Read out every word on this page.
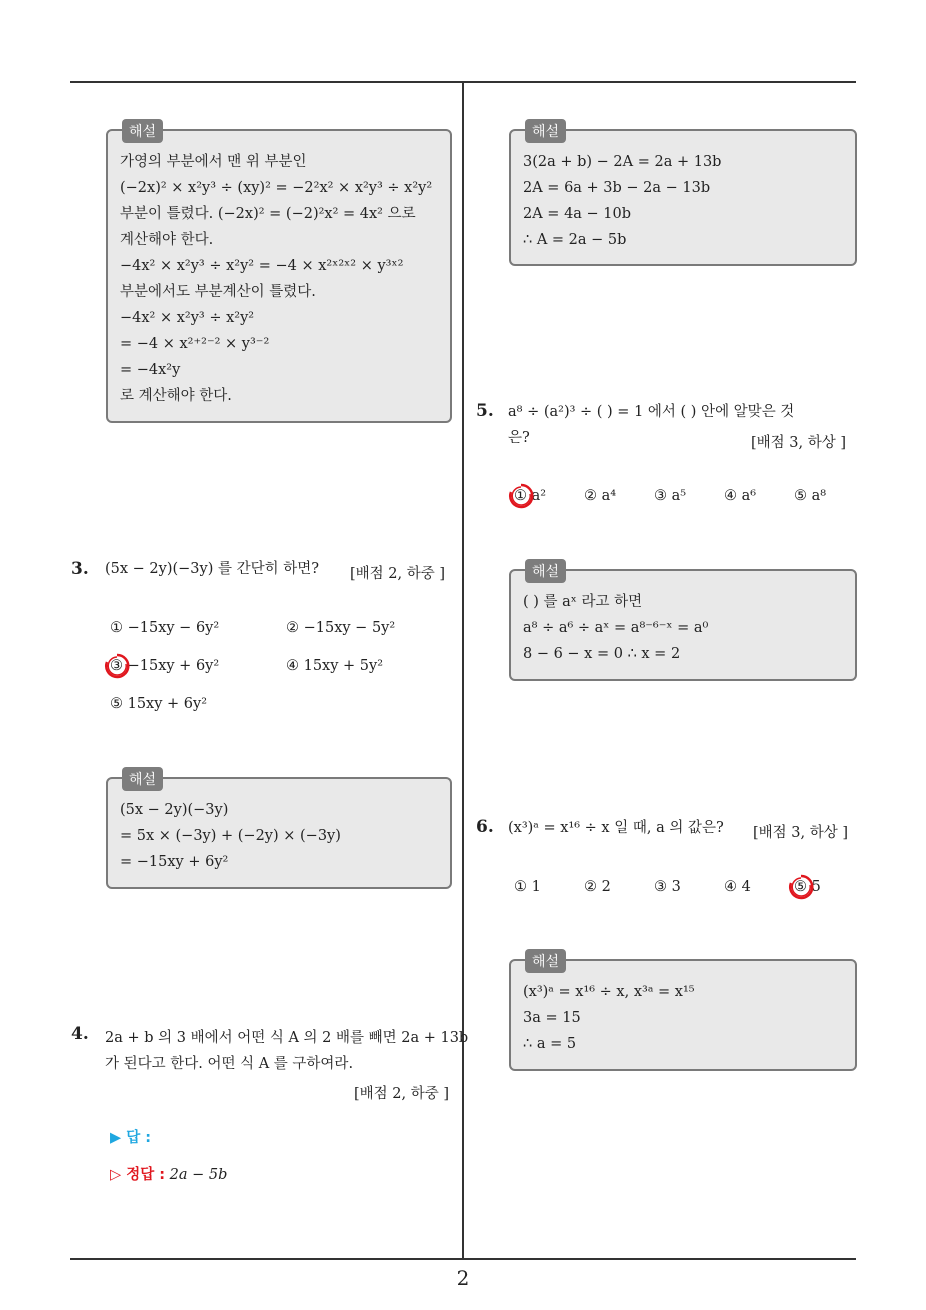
해설
가영의 부분에서 맨 위 부분인
(−2x)² × x²y³ ÷ (xy)² = −2²x² × x²y³ ÷ x²y²
부분이 틀렸다. (−2x)² = (−2)²x² = 4x² 으로
계산해야 한다.
−4x² × x²y³ ÷ x²y² = −4 × x²ˣ²ˣ² × y³ˣ²
부분에서도 부분계산이 틀렸다.
−4x² × x²y³ ÷ x²y²
= −4 × x²⁺²⁻² × y³⁻²
= −4x²y
로 계산해야 한다.
3. (5x − 2y)(−3y) 를 간단히 하면? [배점 2, 하중 ]
① −15xy − 6y²	② −15xy − 5y²
③ −15xy + 6y²	④ 15xy + 5y²
⑤ 15xy + 6y²
해설
(5x − 2y)(−3y)
= 5x × (−3y) + (−2y) × (−3y)
= −15xy + 6y²
4. 2a + b 의 3 배에서 어떤 식 A 의 2 배를 빼면 2a + 13b
가 된다고 한다. 어떤 식 A 를 구하여라.
[배점 2, 하중 ]
▶ 답 :
▷ 정답 : 2a − 5b
해설
3(2a + b) − 2A = 2a + 13b
2A = 6a + 3b − 2a − 13b
2A = 4a − 10b
∴ A = 2a − 5b
5. a⁸ ÷ (a²)³ ÷ ( ) = 1 에서 ( ) 안에 알맞은 것
은?	[배점 3, 하상 ]
① a²	② a⁴	③ a⁵	④ a⁶	⑤ a⁸
해설
( ) 를 aˣ 라고 하면
a⁸ ÷ a⁶ ÷ aˣ = a⁸⁻⁶⁻ˣ = a⁰
8 − 6 − x = 0 ∴ x = 2
6. (x³)ᵃ = x¹⁶ ÷ x 일 때, a 의 값은? [배점 3, 하상 ]
① 1	② 2	③ 3	④ 4	⑤ 5
해설
(x³)ᵃ = x¹⁶ ÷ x, x³ᵃ = x¹⁵
3a = 15
∴ a = 5
2
